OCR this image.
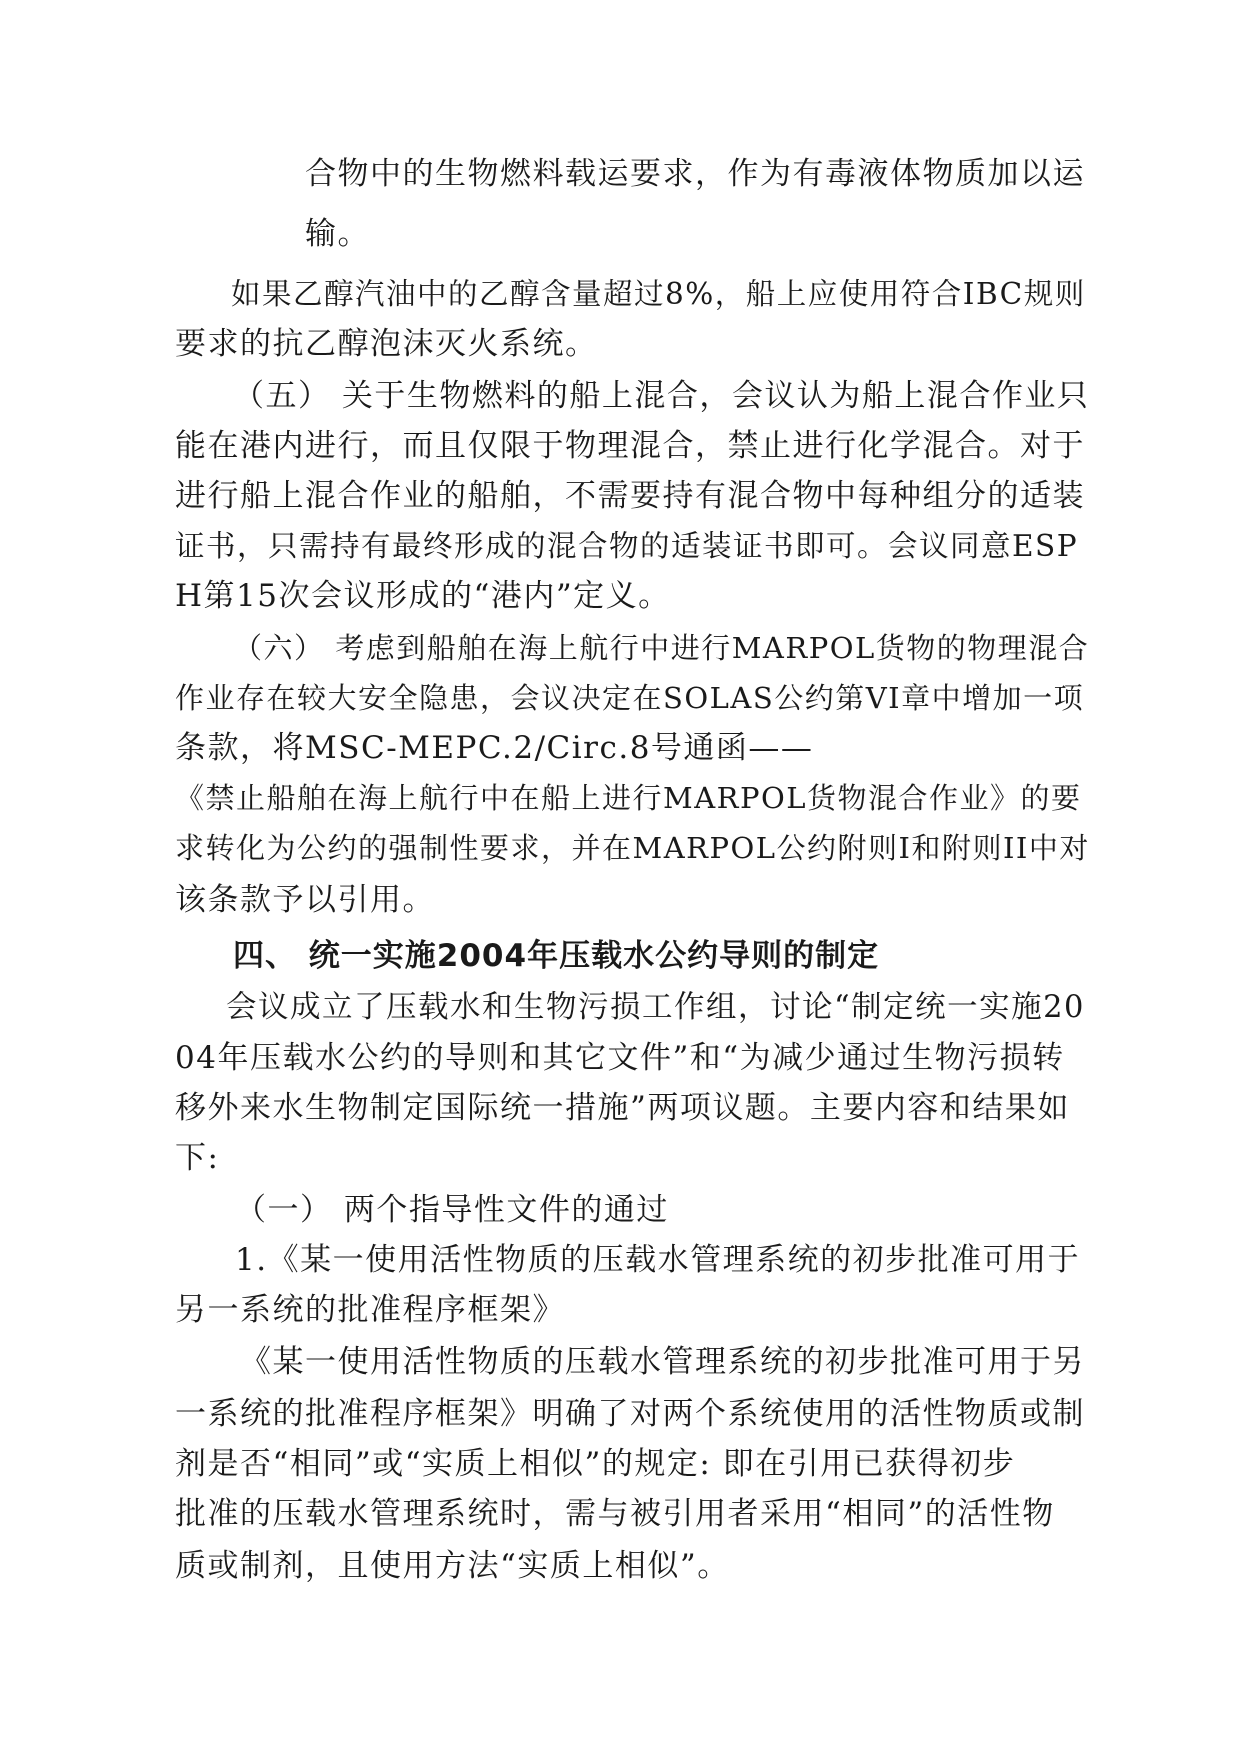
合物中的生物燃料载运要求，作为有毒液体物质加以运
输。
如果乙醇汽油中的乙醇含量超过8%，船上应使用符合IBC规则
要求的抗乙醇泡沫灭火系统。
（五） 关于生物燃料的船上混合，会议认为船上混合作业只
能在港内进行，而且仅限于物理混合，禁止进行化学混合。对于
进行船上混合作业的船舶，不需要持有混合物中每种组分的适装
证书，只需持有最终形成的混合物的适装证书即可。会议同意ESP
H第15次会议形成的“港内”定义。
（六） 考虑到船舶在海上航行中进行MARPOL货物的物理混合
作业存在较大安全隐患，会议决定在SOLAS公约第VI章中增加一项
条款，将MSC-MEPC.2/Circ.8号通函——
《禁止船舶在海上航行中在船上进行MARPOL货物混合作业》的要
求转化为公约的强制性要求，并在MARPOL公约附则I和附则II中对
该条款予以引用。
四、 统一实施2004年压载水公约导则的制定
会议成立了压载水和生物污损工作组，讨论“制定统一实施20
04年压载水公约的导则和其它文件”和“为减少通过生物污损转
移外来水生物制定国际统一措施”两项议题。主要内容和结果如
下:
（一） 两个指导性文件的通过
1.《某一使用活性物质的压载水管理系统的初步批准可用于
另一系统的批准程序框架》
《某一使用活性物质的压载水管理系统的初步批准可用于另
一系统的批准程序框架》明确了对两个系统使用的活性物质或制
剂是否“相同”或“实质上相似”的规定: 即在引用已获得初步
批准的压载水管理系统时，需与被引用者采用“相同”的活性物
质或制剂，且使用方法“实质上相似”。
